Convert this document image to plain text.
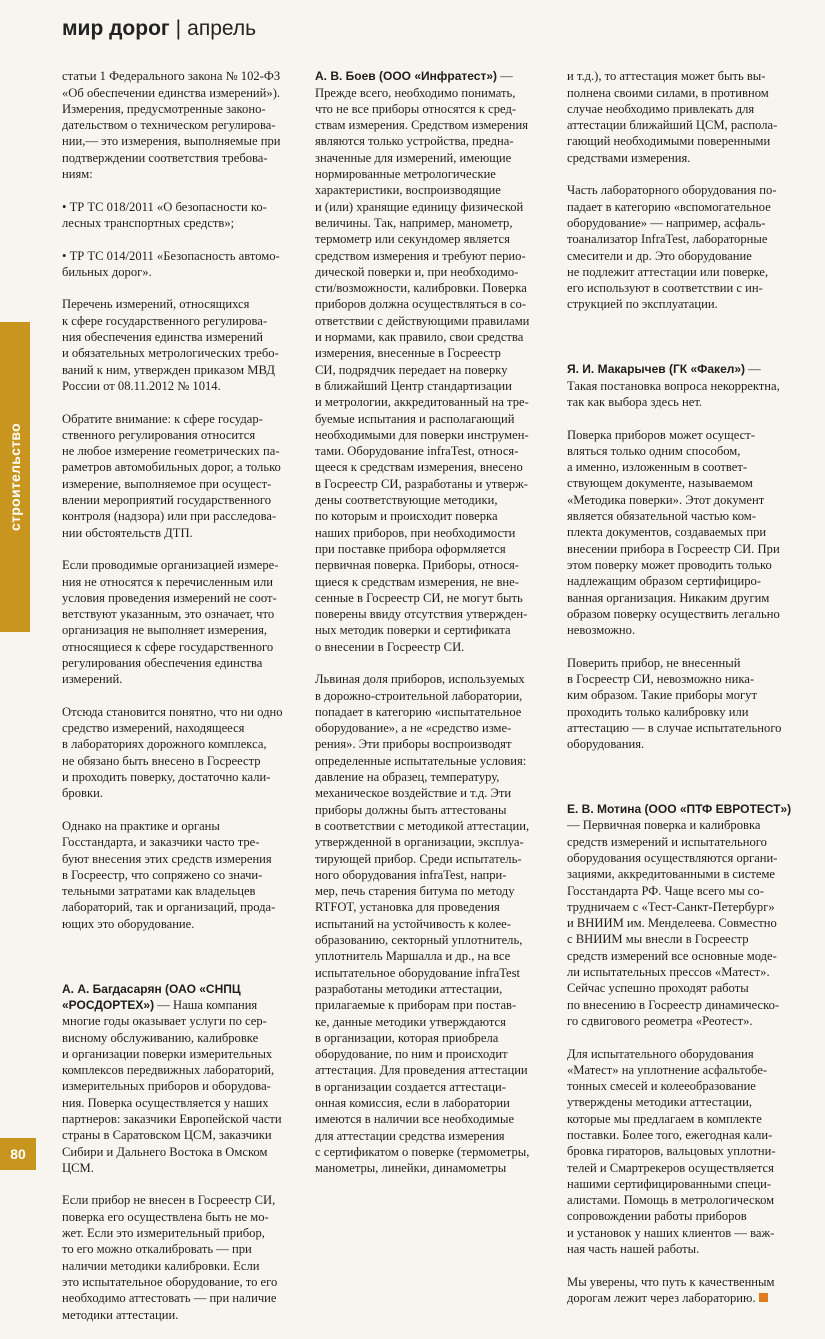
мир дорог | апрель
строительство
80

статьи 1 Федерального закона № 102-ФЗ
«Об обеспечении единства измерений»).
Измерения, предусмотренные законо-
дательством о техническом регулирова-
нии,— это измерения, выполняемые при
подтверждении соответствия требова-
ниям:

• ТР ТС 018/2011 «О безопасности ко-
лесных транспортных средств»;

• ТР ТС 014/2011 «Безопасность автомо-
бильных дорог».

Перечень измерений, относящихся
к сфере государственного регулирова-
ния обеспечения единства измерений
и обязательных метрологических требо-
ваний к ним, утвержден приказом МВД
России от 08.11.2012 № 1014.

Обратите внимание: к сфере государ-
ственного регулирования относится
не любое измерение геометрических па-
раметров автомобильных дорог, а только
измерение, выполняемое при осущест-
влении мероприятий государственного
контроля (надзора) или при расследова-
нии обстоятельств ДТП.

Если проводимые организацией измере-
ния не относятся к перечисленным или
условия проведения измерений не соот-
ветствуют указанным, это означает, что
организация не выполняет измерения,
относящиеся к сфере государственного
регулирования обеспечения единства
измерений.

Отсюда становится понятно, что ни одно
средство измерений, находящееся
в лабораториях дорожного комплекса,
не обязано быть внесено в Госреестр
и проходить поверку, достаточно кали-
бровки.

Однако на практике и органы
Госстандарта, и заказчики часто тре-
буют внесения этих средств измерения
в Госреестр, что сопряжено со значи-
тельными затратами как владельцев
лабораторий, так и организаций, прода-
ющих это оборудование.

А. А. Багдасарян (ОАО «СНПЦ
«РОСДОРТЕХ») — Наша компания
многие годы оказывает услуги по сер-
висному обслуживанию, калибровке
и организации поверки измерительных
комплексов передвижных лабораторий,
измерительных приборов и оборудова-
ния. Поверка осуществляется у наших
партнеров: заказчики Европейской части
страны в Саратовском ЦСМ, заказчики
Сибири и Дальнего Востока в Омском
ЦСМ.

Если прибор не внесен в Госреестр СИ,
поверка его осуществлена быть не мо-
жет. Если это измерительный прибор,
то его можно откалибровать — при
наличии методики калибровки. Если
это испытательное оборудование, то его
необходимо аттестовать — при наличие
методики аттестации.

А. В. Боев (ООО «Инфратест») —
Прежде всего, необходимо понимать,
что не все приборы относятся к сред-
ствам измерения. Средством измерения
являются только устройства, предна-
значенные для измерений, имеющие
нормированные метрологические
характеристики, воспроизводящие
и (или) хранящие единицу физической
величины. Так, например, манометр,
термометр или секундомер является
средством измерения и требуют перио-
дической поверки и, при необходимо-
сти/возможности, калибровки. Поверка
приборов должна осуществляться в со-
ответствии с действующими правилами
и нормами, как правило, свои средства
измерения, внесенные в Госреестр
СИ, подрядчик передает на поверку
в ближайший Центр стандартизации
и метрологии, аккредитованный на тре-
буемые испытания и располагающий
необходимыми для поверки инструмен-
тами. Оборудование infraTest, относя-
щееся к средствам измерения, внесено
в Госреестр СИ, разработаны и утверж-
дены соответствующие методики,
по которым и происходит поверка
наших приборов, при необходимости
при поставке прибора оформляется
первичная поверка. Приборы, относя-
щиеся к средствам измерения, не вне-
сенные в Госреестр СИ, не могут быть
поверены ввиду отсутствия утвержден-
ных методик поверки и сертификата
о внесении в Госреестр СИ.

Львиная доля приборов, используемых
в дорожно-строительной лаборатории,
попадает в категорию «испытательное
оборудование», а не «средство изме-
рения». Эти приборы воспроизводят
определенные испытательные условия:
давление на образец, температуру,
механическое воздействие и т.д. Эти
приборы должны быть аттестованы
в соответствии с методикой аттестации,
утвержденной в организации, эксплуа-
тирующей прибор. Среди испытатель-
ного оборудования infraTest, напри-
мер, печь старения битума по методу
RTFOT, установка для проведения
испытаний на устойчивость к колее-
образованию, секторный уплотнитель,
уплотнитель Маршалла и др., на все
испытательное оборудование infraTest
разработаны методики аттестации,
прилагаемые к приборам при постав-
ке, данные методики утверждаются
в организации, которая приобрела
оборудование, по ним и происходит
аттестация. Для проведения аттестации
в организации создается аттестаци-
онная комиссия, если в лаборатории
имеются в наличии все необходимые
для аттестации средства измерения
с сертификатом о поверке (термометры,
манометры, линейки, динамометры

и т.д.), то аттестация может быть вы-
полнена своими силами, в противном
случае необходимо привлекать для
аттестации ближайший ЦСМ, распола-
гающий необходимыми поверенными
средствами измерения.

Часть лабораторного оборудования по-
падает в категорию «вспомогательное
оборудование» — например, асфаль-
тоанализатор InfraTest, лабораторные
смесители и др. Это оборудование
не подлежит аттестации или поверке,
его используют в соответствии с ин-
струкцией по эксплуатации.

Я. И. Макарычев (ГК «Факел») —
Такая постановка вопроса некорректна,
так как выбора здесь нет.

Поверка приборов может осущест-
вляться только одним способом,
а именно, изложенным в соответ-
ствующем документе, называемом
«Методика поверки». Этот документ
является обязательной частью ком-
плекта документов, создаваемых при
внесении прибора в Госреестр СИ. При
этом поверку может проводить только
надлежащим образом сертифициро-
ванная организация. Никаким другим
образом поверку осуществить легально
невозможно.

Поверить прибор, не внесенный
в Госреестр СИ, невозможно ника-
ким образом. Такие приборы могут
проходить только калибровку или
аттестацию — в случае испытательного
оборудования.

Е. В. Мотина (ООО «ПТФ ЕВРОТЕСТ»)
— Первичная поверка и калибровка
средств измерений и испытательного
оборудования осуществляются органи-
зациями, аккредитованными в системе
Госстандарта РФ. Чаще всего мы со-
трудничаем с «Тест-Санкт-Петербург»
и ВНИИМ им. Менделеева. Совместно
с ВНИИМ мы внесли в Госреестр
средств измерений все основные моде-
ли испытательных прессов «Матест».
Сейчас успешно проходят работы
по внесению в Госреестр динамическо-
го сдвигового реометра «Реотест».

Для испытательного оборудования
«Матест» на уплотнение асфальтобе-
тонных смесей и колееобразование
утверждены методики аттестации,
которые мы предлагаем в комплекте
поставки. Более того, ежегодная кали-
бровка гираторов, вальцовых уплотни-
телей и Смартрекеров осуществляется
нашими сертифицированными специ-
алистами. Помощь в метрологическом
сопровождении работы приборов
и установок у наших клиентов — важ-
ная часть нашей работы.

Мы уверены, что путь к качественным
дорогам лежит через лабораторию.
